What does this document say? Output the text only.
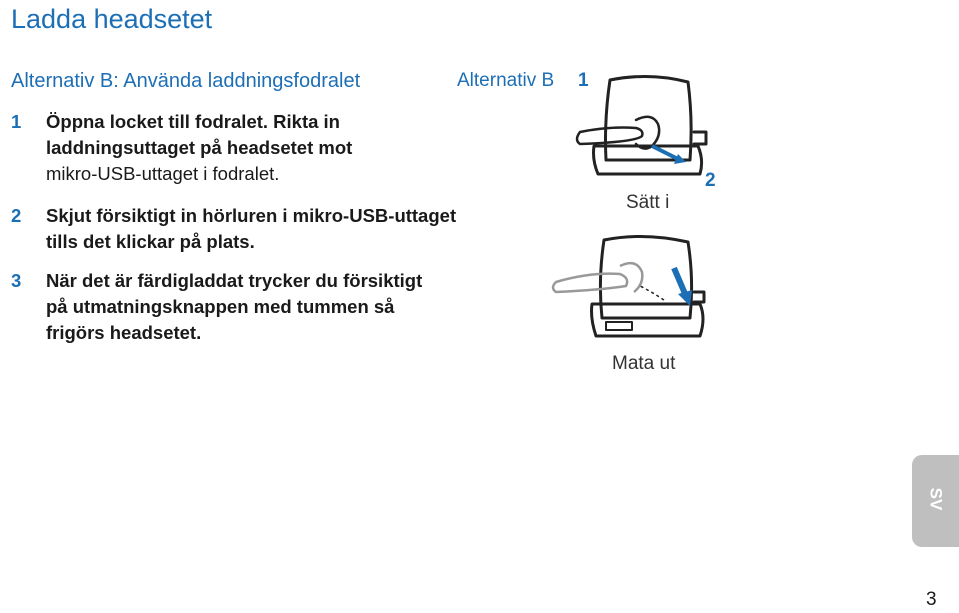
Ladda headsetet
Alternativ B: Använda laddningsfodralet
1	Öppna locket till fodralet. Rikta in laddningsuttaget på headsetet mot
mikro-USB-uttaget i fodralet.
2	Skjut försiktigt in hörluren i mikro-USB-uttaget tills det klickar på plats.
3	När det är färdigladdat trycker du försiktigt på utmatningsknappen med tummen så frigörs headsetet.
Alternativ B 1
2
Sätt i
Mata ut
SV
3
